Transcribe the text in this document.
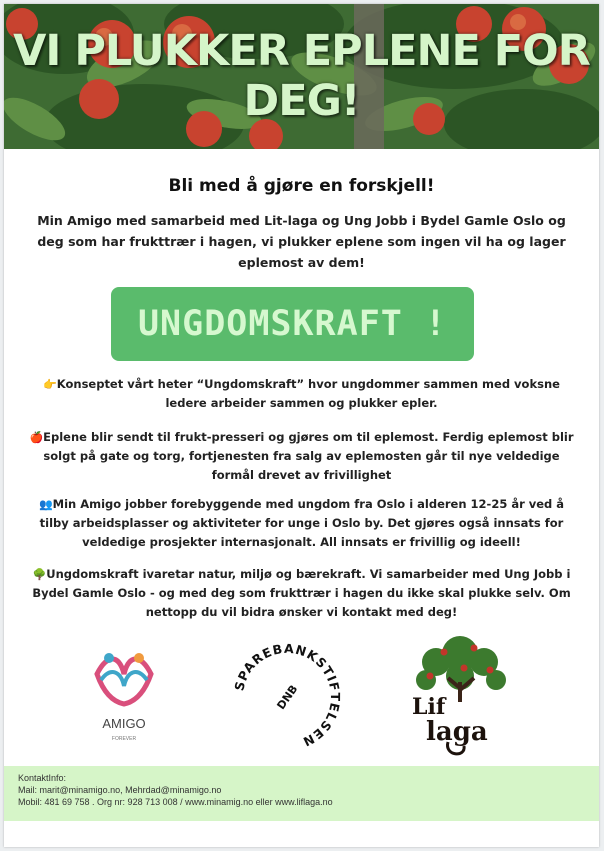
VI PLUKKER EPLENE FOR
DEG!
Bli med å gjøre en forskjell!
Min Amigo med samarbeid med Lit-laga og Ung Jobb i Bydel Gamle Oslo og deg som har frukttrær i hagen, vi plukker eplene som ingen vil ha og lager eplemost av dem!
UNGDOMSKRAFT !
👉Konseptet vårt heter “Ungdomskraft” hvor ungdommer sammen med voksne ledere arbeider sammen og plukker epler.
🍎Eplene blir sendt til frukt-presseri og gjøres om til eplemost. Ferdig eplemost blir solgt på gate og torg, fortjenesten fra salg av eplemosten går til nye veldedige formål drevet av frivillighet
👥Min Amigo jobber forebyggende med ungdom fra Oslo i alderen 12-25 år ved å tilby arbeidsplasser og aktiviteter for unge i Oslo by. Det gjøres også innsats for veldedige prosjekter internasjonalt. All innsats er frivillig og ideell!
🌳Ungdomskraft ivaretar natur, miljø og bærekraft. Vi samarbeider med Ung Jobb i Bydel Gamle Oslo - og med deg som frukttrær i hagen du ikke skal plukke selv. Om nettopp du vil bidra ønsker vi kontakt med deg!
AMIGO
FOREVER
SPAREBANKSTIFTELSEN
DNB	Lif
laga
KontaktInfo:
Mail: marit@minamigo.no, Mehrdad@minamigo.no
Mobil: 481 69 758 . Org nr: 928 713 008 / www.minamig.no eller www.liflaga.no
